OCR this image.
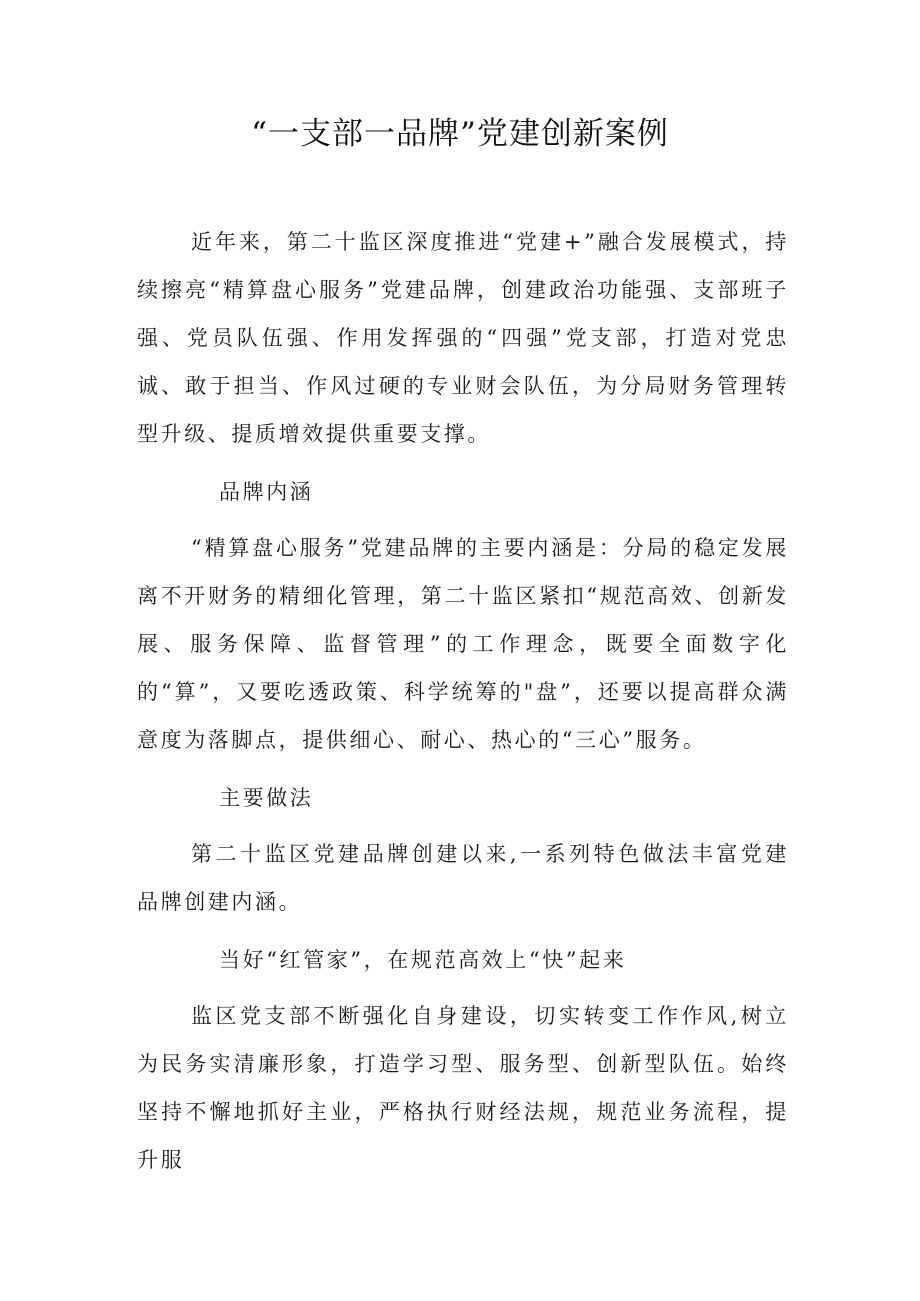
“一支部一品牌”党建创新案例

近年来，第二十监区深度推进“党建+”融合发展模式，持续擦亮“精算盘心服务”党建品牌，创建政治功能强、支部班子强、党员队伍强、作用发挥强的“四强”党支部，打造对党忠诚、敢于担当、作风过硬的专业财会队伍，为分局财务管理转型升级、提质增效提供重要支撑。

品牌内涵

“精算盘心服务”党建品牌的主要内涵是：分局的稳定发展离不开财务的精细化管理，第二十监区紧扣“规范高效、创新发展、服务保障、监督管理”的工作理念，既要全面数字化的“算”，又要吃透政策、科学统筹的"盘”，还要以提高群众满意度为落脚点，提供细心、耐心、热心的“三心”服务。

主要做法

第二十监区党建品牌创建以来,一系列特色做法丰富党建品牌创建内涵。

当好“红管家”，在规范高效上“快”起来

监区党支部不断强化自身建设，切实转变工作作风,树立为民务实清廉形象，打造学习型、服务型、创新型队伍。始终坚持不懈地抓好主业，严格执行财经法规，规范业务流程，提升服
